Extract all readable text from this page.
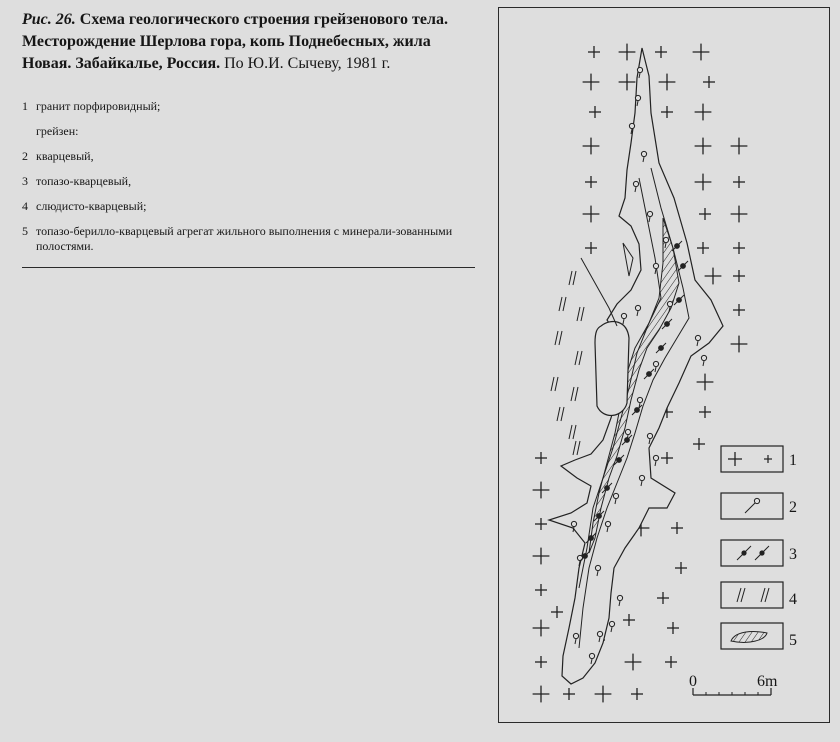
Рис. 26. Схема геологического строения грейзенового тела. Месторождение Шерлова гора, копь Поднебесных, жила Новая. Забайкалье, Россия. По Ю.И. Сычеву, 1981 г.
1 гранит порфировидный;
грейзен:
2 кварцевый,
3 топазо-кварцевый,
4 слюдисто-кварцевый;
5 топазо-берилло-кварцевый агрегат жильного выполнения с минерали-зованными полостями.
1
2
3
4
5
0	6m
